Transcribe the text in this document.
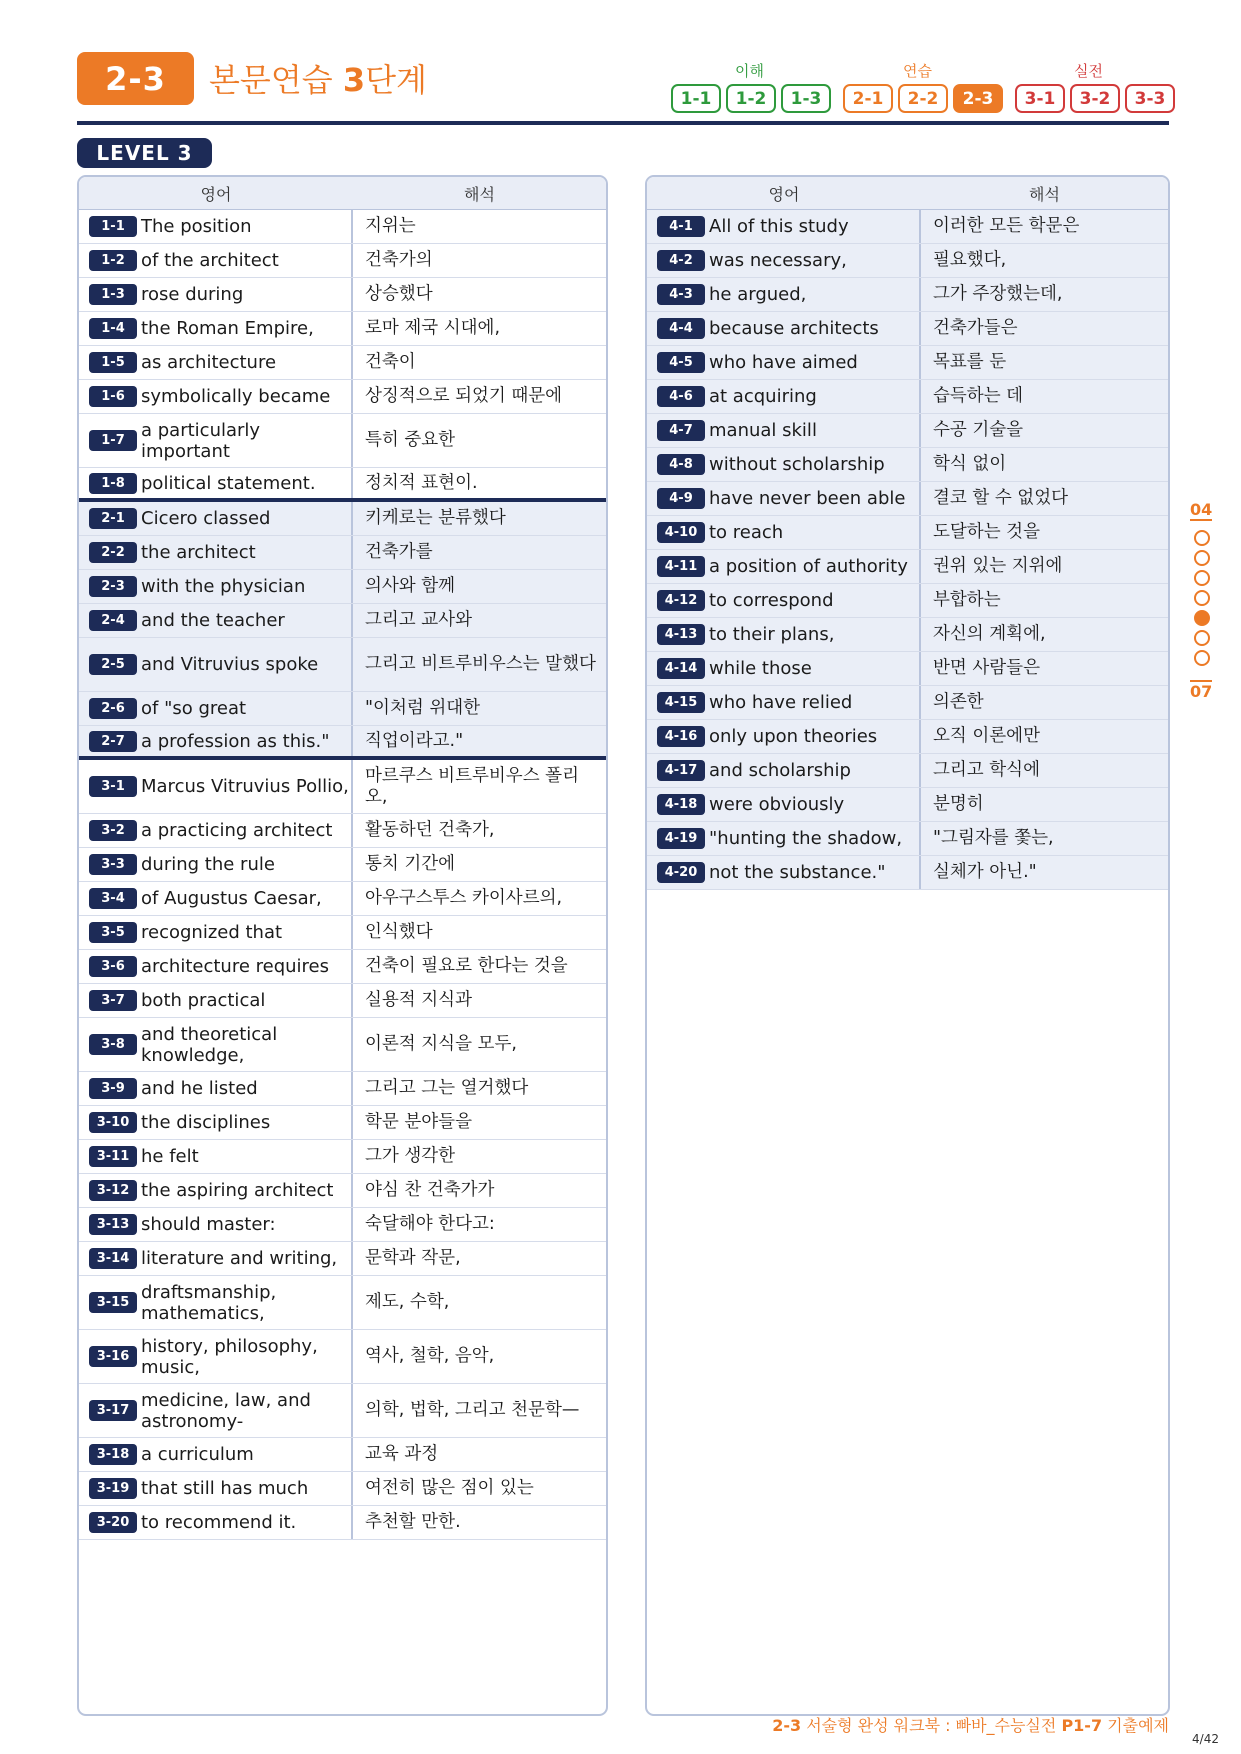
2-3	본문연습 3단계	이해	연습	실전
1-1	1-2	1-3	2-1	2-2	2-3	3-1	3-2	3-3
LEVEL 3
영어	해석
1-1 The position	지위는
1-2 of the architect	건축가의
1-3 rose during	상승했다
1-4 the Roman Empire,	로마 제국 시대에,
1-5 as architecture	건축이
1-6 symbolically became	상징적으로 되었기 때문에
1-7 a particularly important
특히 중요한
1-8 political statement.	정치적 표현이.
2-1 Cicero classed	키케로는 분류했다
2-2 the architect	건축가를
2-3 with the physician	의사와 함께
2-4 and the teacher	그리고 교사와
2-5 and Vitruvius spoke	그리고 비트루비우스는 말했다
2-6 of "so great	"이처럼 위대한
2-7 a profession as this."	직업이라고."
3-1 Marcus Vitruvius Pollio,
마르쿠스 비트루비우스 폴리오,
3-2 a practicing architect	활동하던 건축가,
3-3 during the rule	통치 기간에
3-4 of Augustus Caesar,	아우구스투스 카이사르의,
3-5 recognized that	인식했다
3-6 architecture requires	건축이 필요로 한다는 것을
3-7 both practical	실용적 지식과
3-8 and theoretical knowledge,
이론적 지식을 모두,
3-9 and he listed	그리고 그는 열거했다
3-10 the disciplines	학문 분야들을
3-11 he felt	그가 생각한
3-12 the aspiring architect	야심 찬 건축가가
3-13 should master:	숙달해야 한다고:
3-14 literature and writing,	문학과 작문,
3-15 draftsmanship, mathematics,
제도, 수학,
3-16 history, philosophy, music,
역사, 철학, 음악,
3-17 medicine, law, and astronomy-
의학, 법학, 그리고 천문학—
3-18 a curriculum	교육 과정
3-19 that still has much	여전히 많은 점이 있는
3-20 to recommend it.	추천할 만한.
영어	해석
4-1 All of this study	이러한 모든 학문은
4-2 was necessary,	필요했다,
4-3 he argued,	그가 주장했는데,
4-4 because architects	건축가들은
4-5 who have aimed	목표를 둔
4-6 at acquiring	습득하는 데
4-7 manual skill	수공 기술을
4-8 without scholarship	학식 없이
4-9 have never been able	결코 할 수 없었다
4-10 to reach	도달하는 것을
4-11 a position of authority	권위 있는 지위에
4-12 to correspond	부합하는
4-13 to their plans,	자신의 계획에,
4-14 while those	반면 사람들은
4-15 who have relied	의존한
4-16 only upon theories	오직 이론에만
4-17 and scholarship	그리고 학식에
4-18 were obviously	분명히
4-19 "hunting the shadow,	"그림자를 쫓는,
4-20 not the substance."	실체가 아닌."
04
07
2-3 서술형 완성 워크북 : 빠바_수능실전 P1-7 기출예제
4/42
